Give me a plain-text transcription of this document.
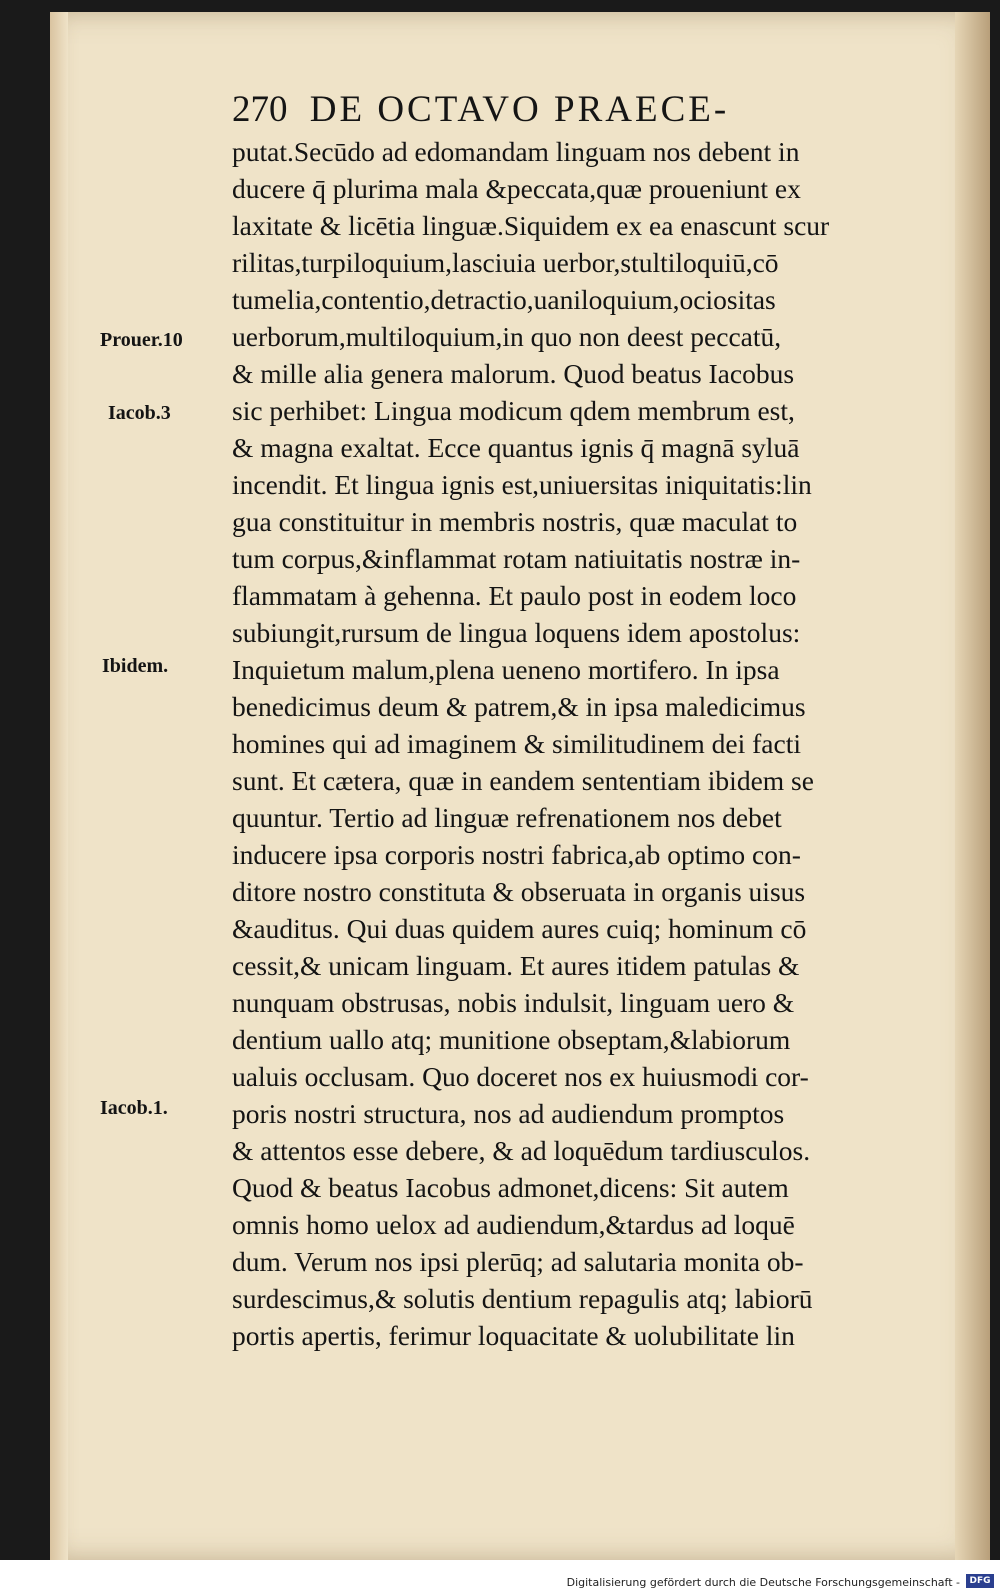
270 DE OCTAVO PRAECE-
putat.Secūdo ad edomandam linguam nos debent in
ducere q̄ plurima mala &peccata,quæ proueniunt ex
laxitate & licētia linguæ.Siquidem ex ea enascunt scur
rilitas,turpiloquium,lasciuia uerbor,stultiloquiū,cō
tumelia,contentio,detractio,uaniloquium,ociositas
uerborum,multiloquium,in quo non deest peccatū,
& mille alia genera malorum. Quod beatus Iacobus
sic perhibet: Lingua modicum qdem membrum est,
& magna exaltat. Ecce quantus ignis q̄ magnā syluā
incendit. Et lingua ignis est,uniuersitas iniquitatis:lin
gua constituitur in membris nostris, quæ maculat to
tum corpus,&inflammat rotam natiuitatis nostræ in-
flammatam à gehenna. Et paulo post in eodem loco
subiungit,rursum de lingua loquens idem apostolus:
Inquietum malum,plena ueneno mortifero. In ipsa
benedicimus deum & patrem,& in ipsa maledicimus
homines qui ad imaginem & similitudinem dei facti
sunt. Et cætera, quæ in eandem sententiam ibidem se
quuntur. Tertio ad linguæ refrenationem nos debet
inducere ipsa corporis nostri fabrica,ab optimo con-
ditore nostro constituta & obseruata in organis uisus
&auditus. Qui duas quidem aures cuiq; hominum cō
cessit,& unicam linguam. Et aures itidem patulas &
nunquam obstrusas, nobis indulsit, linguam uero &
dentium uallo atq; munitione obseptam,&labiorum
ualuis occlusam. Quo doceret nos ex huiusmodi cor-
poris nostri structura, nos ad audiendum promptos
& attentos esse debere, & ad loquēdum tardiusculos.
Quod & beatus Iacobus admonet,dicens: Sit autem
omnis homo uelox ad audiendum,&tardus ad loquē
dum. Verum nos ipsi plerūq; ad salutaria monita ob-
surdescimus,& solutis dentium repagulis atq; labiorū
portis apertis, ferimur loquacitate & uolubilitate lin
Prouer.10
Iacob.3
Ibidem.
Iacob.1.
Digitalisierung gefördert durch die Deutsche Forschungsgemeinschaft -	DFG
